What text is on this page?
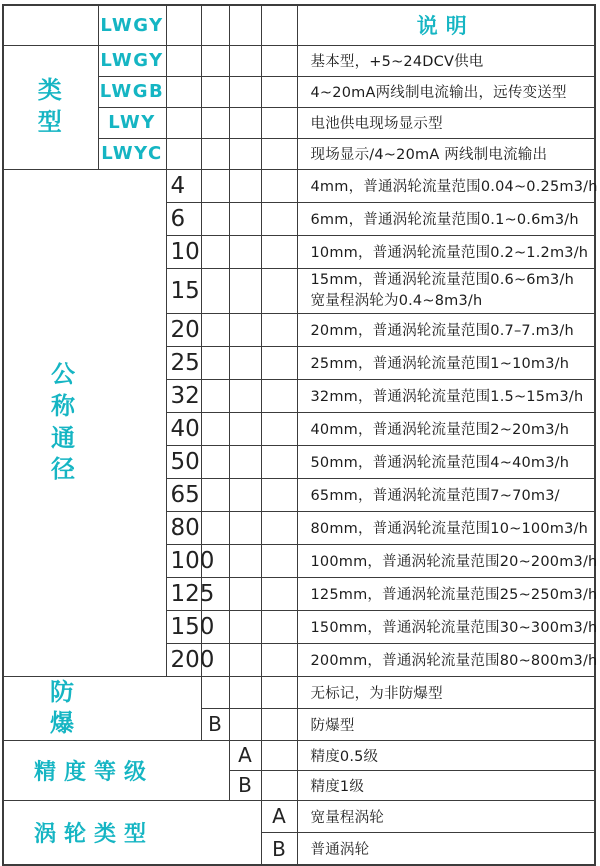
	LWGY					说明

类型	LWGY					基本型，+5~24DCV供电
	LWGB					4~20mA两线制电流输出，远传变送型
	LWY					电池供电现场显示型
	LWYC					现场显示/4~20mA 两线制电流输出

公称通径		4				4mm，普通涡轮流量范围0.04~0.25m3/h
		6				6mm，普通涡轮流量范围0.1~0.6m3/h
		10				10mm，普通涡轮流量范围0.2~1.2m3/h
		15				15mm，普通涡轮流量范围0.6~6m3/h
宽量程涡轮为0.4~8m3/h

		20				20mm，普通涡轮流量范围0.7–7.m3/h
		25				25mm，普通涡轮流量范围1~10m3/h
		32				32mm，普通涡轮流量范围1.5~15m3/h
		40				40mm，普通涡轮流量范围2~20m3/h
		50				50mm，普通涡轮流量范围4~40m3/h
		65				65mm，普通涡轮流量范围7~70m3/
		80				80mm，普通涡轮流量范围10~100m3/h
		100				100mm，普通涡轮流量范围20~200m3/h
		125				125mm，普通涡轮流量范围25~250m3/h
		150				150mm，普通涡轮流量范围30~300m3/h
		200				200mm，普通涡轮流量范围80~800m3/h

防爆						无标记，为非防爆型
			B			防爆型
精度等级				A		精度0.5级
				B		精度1级
涡轮类型					A	宽量程涡轮
					B	普通涡轮
